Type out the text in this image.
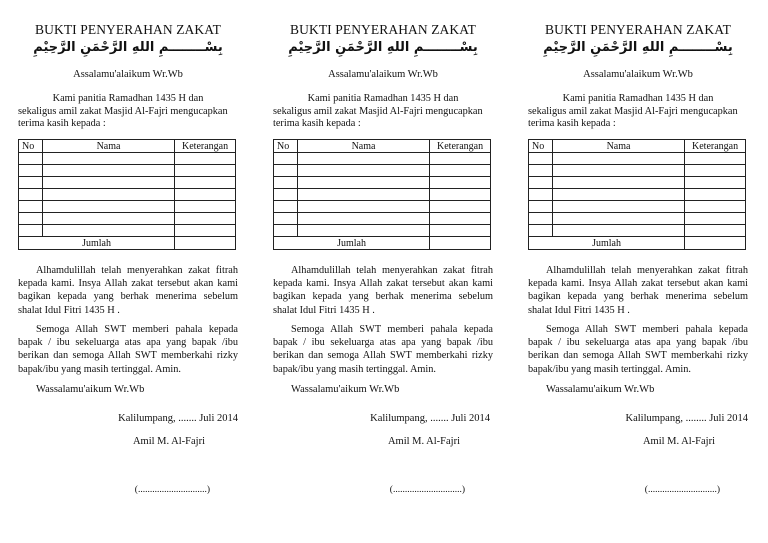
BUKTI PENYERAHAN ZAKAT
بِسْــــــــمِ اللهِ الرَّحْمَنِ الرَّحِيْمِ
Assalamu'alaikum Wr.Wb
Kami panitia Ramadhan 1435 H dan
sekaligus amil zakat Masjid Al-Fajri mengucapkan
terima kasih kepada :
No	Nama	Keterangan

Jumlah		
Alhamdulillah telah menyerahkan zakat fitrah
kepada kami. Insya Allah zakat tersebut akan kami
bagikan kepada yang berhak menerima sebelum
shalat Idul Fitri 1435 H .
Semoga Allah SWT memberi pahala kepada
bapak / ibu sekeluarga atas apa yang bapak /ibu
berikan dan semoga Allah SWT memberkahi rizky
bapak/ibu yang masih tertinggal. Amin.
Wassalamu'aikum Wr.Wb
Kalilumpang, ....... Juli 2014
Amil M. Al-Fajri
(.............................)
BUKTI PENYERAHAN ZAKAT
بِسْــــــــمِ اللهِ الرَّحْمَنِ الرَّحِيْمِ
Assalamu'alaikum Wr.Wb
Kami panitia Ramadhan 1435 H dan
sekaligus amil zakat Masjid Al-Fajri mengucapkan
terima kasih kepada :
No	Nama	Keterangan

Jumlah		
Alhamdulillah telah menyerahkan zakat fitrah
kepada kami. Insya Allah zakat tersebut akan kami
bagikan kepada yang berhak menerima sebelum
shalat Idul Fitri 1435 H .
Semoga Allah SWT memberi pahala kepada
bapak / ibu sekeluarga atas apa yang bapak /ibu
berikan dan semoga Allah SWT memberkahi rizky
bapak/ibu yang masih tertinggal. Amin.
Wassalamu'aikum Wr.Wb
Kalilumpang, ....... Juli 2014
Amil M. Al-Fajri
(.............................)
BUKTI PENYERAHAN ZAKAT
بِسْــــــــمِ اللهِ الرَّحْمَنِ الرَّحِيْمِ
Assalamu'alaikum Wr.Wb
Kami panitia Ramadhan 1435 H dan
sekaligus amil zakat Masjid Al-Fajri mengucapkan
terima kasih kepada :
No	Nama	Keterangan

Jumlah		
Alhamdulillah telah menyerahkan zakat fitrah
kepada kami. Insya Allah zakat tersebut akan kami
bagikan kepada yang berhak menerima sebelum
shalat Idul Fitri 1435 H .
Semoga Allah SWT memberi pahala kepada
bapak / ibu sekeluarga atas apa yang bapak /ibu
berikan dan semoga Allah SWT memberkahi rizky
bapak/ibu yang masih tertinggal. Amin.
Wassalamu'aikum Wr.Wb
Kalilumpang, ........ Juli 2014
Amil M. Al-Fajri
(.............................)
